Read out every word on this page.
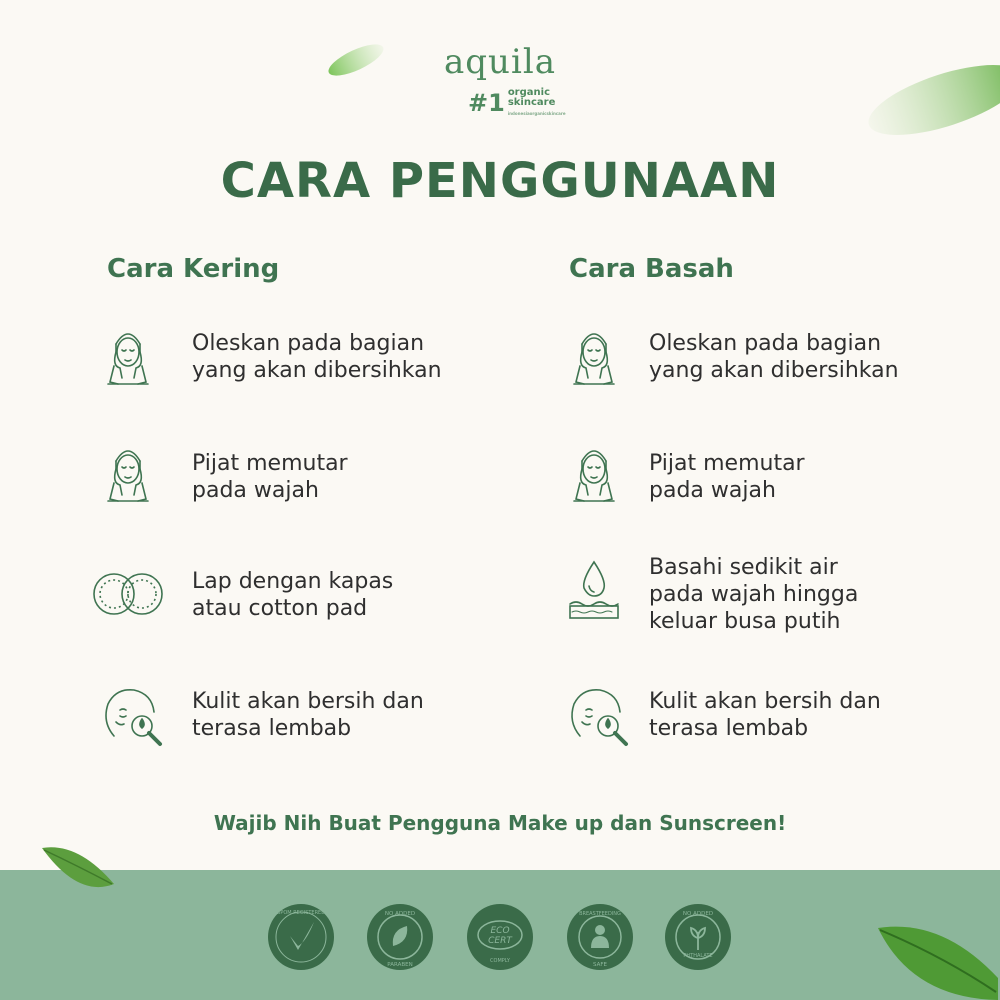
aquila
#1 organic
skincare
indonesiaorganicskincare
CARA PENGGUNAAN
Cara Kering	Cara Basah
Oleskan pada bagian
yang akan dibersihkan
Pijat memutar
pada wajah
Lap dengan kapas
atau cotton pad
Kulit akan bersih dan
terasa lembab
Oleskan pada bagian
yang akan dibersihkan
Pijat memutar
pada wajah
Basahi sedikit air
pada wajah hingga
keluar busa putih
Kulit akan bersih dan
terasa lembab
Wajib Nih Buat Pengguna Make up dan Sunscreen!
BPOM REGISTERED	NO ADDED
PARABEN
ECO
CERT
COMPLY
BREASTFEEDING
SAFE
NO ADDED
PHTHALATE
